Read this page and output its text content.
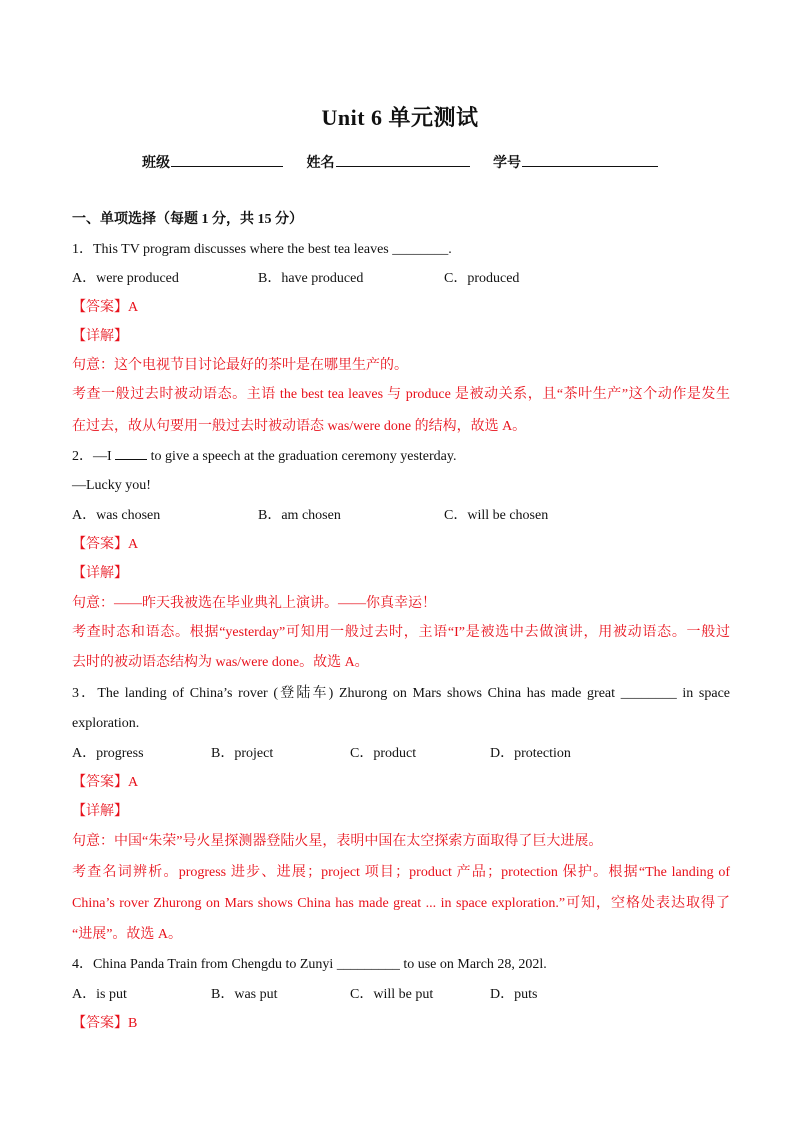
Unit 6 单元测试
班级	姓名	学号
一、单项选择（每题 1 分，共 15 分）
1．This TV program discusses where the best tea leaves ________.
A．were produced	B．have produced	C．produced
【答案】A
【详解】
句意：这个电视节目讨论最好的茶叶是在哪里生产的。
考查一般过去时被动语态。主语 the best tea leaves 与 produce 是被动关系，且“茶叶生产”这个动作是发生
在过去，故从句要用一般过去时被动语态 was/were done 的结构，故选 A。
2．—I  to give a speech at the graduation ceremony yesterday.
—Lucky you!
A．was chosen	B．am chosen	C．will be chosen
【答案】A
【详解】
句意：——昨天我被选在毕业典礼上演讲。——你真幸运！
考查时态和语态。根据“yesterday”可知用一般过去时，主语“I”是被选中去做演讲，用被动语态。一般过
去时的被动语态结构为 was/were done。故选 A。
3．The landing of China’s rover (登陆车) Zhurong on Mars shows China has made great ________ in space
exploration.
A．progress	B．project	C．product	D．protection
【答案】A
【详解】
句意：中国“朱荣”号火星探测器登陆火星，表明中国在太空探索方面取得了巨大进展。
考查名词辨析。progress 进步、进展；project 项目；product 产品；protection 保护。根据“The landing of
China’s rover Zhurong on Mars shows China has made great ... in space exploration.”可知，空格处表达取得了
“进展”。故选 A。
4．China Panda Train from Chengdu to Zunyi _________ to use on March 28, 202l.
A．is put	B．was put	C．will be put	D．puts
【答案】B
